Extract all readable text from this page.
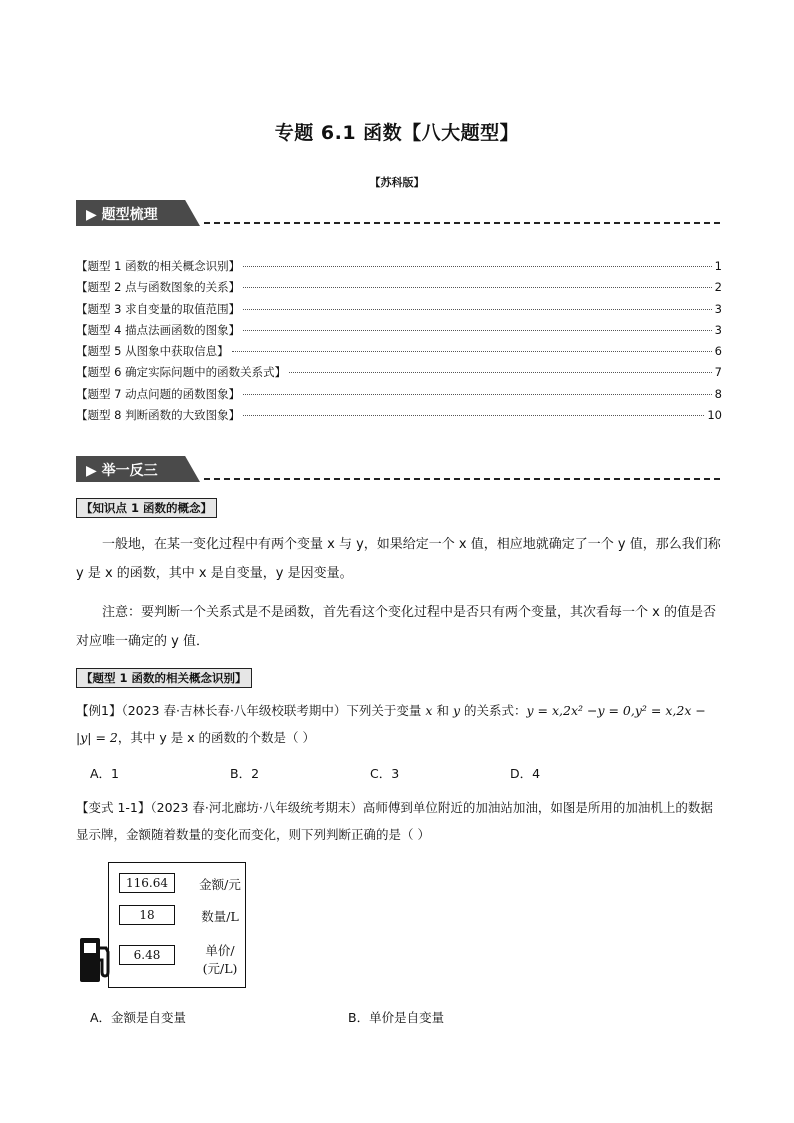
专题 6.1 函数【八大题型】
【苏科版】
▶ 题型梳理
【题型 1 函数的相关概念识别】	1
【题型 2 点与函数图象的关系】	2
【题型 3 求自变量的取值范围】	3
【题型 4 描点法画函数的图象】	3
【题型 5 从图象中获取信息】	6
【题型 6 确定实际问题中的函数关系式】	7
【题型 7 动点问题的函数图象】	8
【题型 8 判断函数的大致图象】	10
▶ 举一反三
【知识点 1 函数的概念】
一般地，在某一变化过程中有两个变量 x 与 y，如果给定一个 x 值，相应地就确定了一个 y 值，那么我们称 y 是 x 的函数，其中 x 是自变量，y 是因变量。
注意：要判断一个关系式是不是函数，首先看这个变化过程中是否只有两个变量，其次看每一个 x 的值是否对应唯一确定的 y 值．
【题型 1 函数的相关概念识别】
【例1】（2023 春·吉林长春·八年级校联考期中）下列关于变量 x 和 y 的关系式：y = x,2x² −y = 0,y² = x,2x − |y| = 2，其中 y 是 x 的函数的个数是（ ）
A．1	B．2	C．3	D．4
【变式 1-1】（2023 春·河北廊坊·八年级统考期末）高师傅到单位附近的加油站加油，如图是所用的加油机上的数据显示牌，金额随着数量的变化而变化，则下列判断正确的是（ ）
116.64	金额/元
18	数量/L
6.48	单价/
(元/L)
A．金额是自变量	B．单价是自变量
